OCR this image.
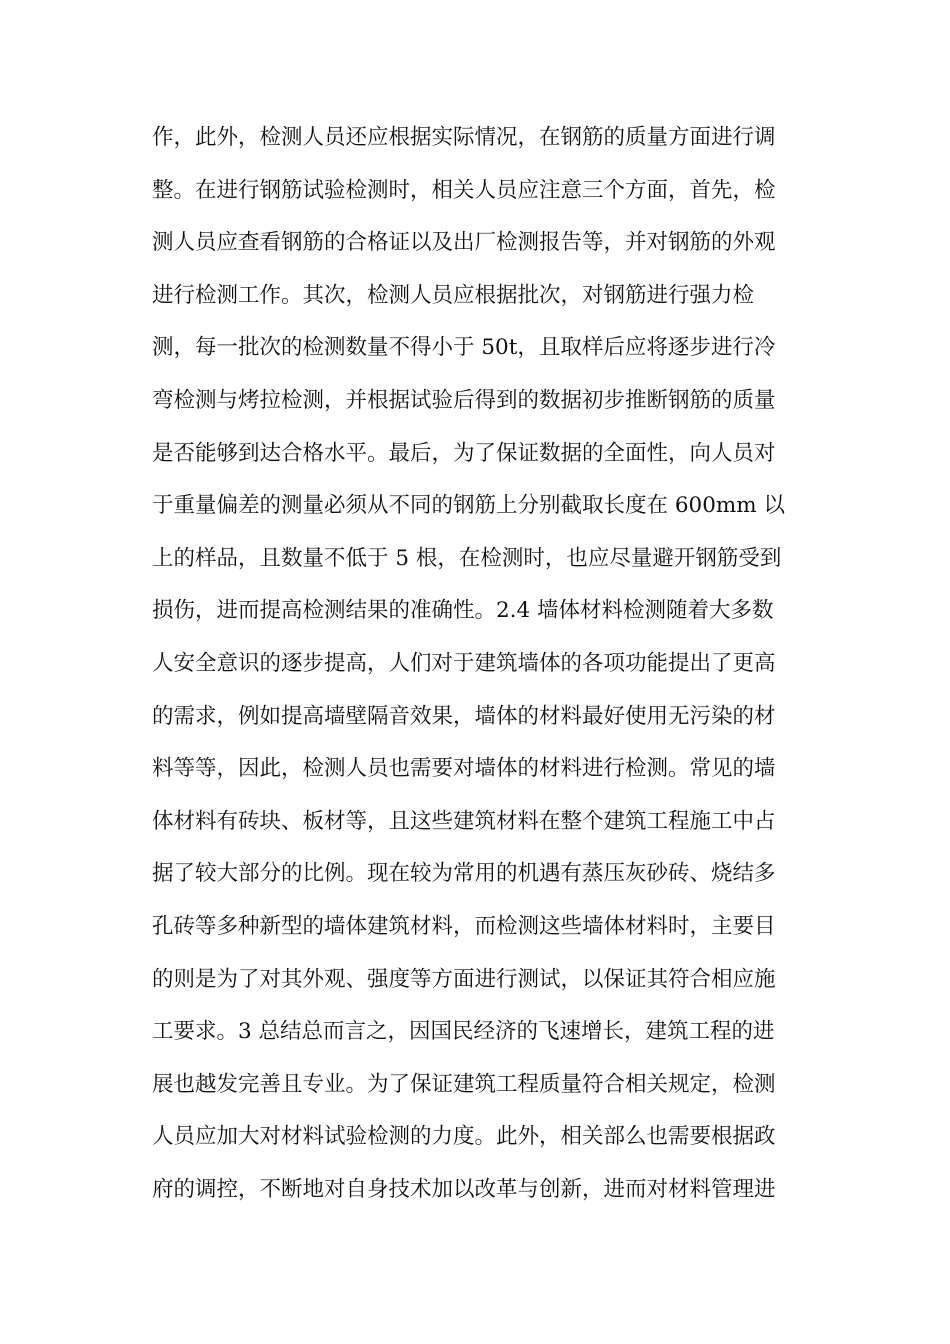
作，此外，检测人员还应根据实际情况，在钢筋的质量方面进行调
整。在进行钢筋试验检测时，相关人员应注意三个方面，首先，检
测人员应查看钢筋的合格证以及出厂检测报告等，并对钢筋的外观
进行检测工作。其次，检测人员应根据批次，对钢筋进行强力检
测，每一批次的检测数量不得小于 50t，且取样后应将逐步进行冷
弯检测与烤拉检测，并根据试验后得到的数据初步推断钢筋的质量
是否能够到达合格水平。最后，为了保证数据的全面性，向人员对
于重量偏差的测量必须从不同的钢筋上分别截取长度在 600mm 以
上的样品，且数量不低于 5 根，在检测时，也应尽量避开钢筋受到
损伤，进而提高检测结果的准确性。2.4 墙体材料检测随着大多数
人安全意识的逐步提高，人们对于建筑墙体的各项功能提出了更高
的需求，例如提高墙壁隔音效果，墙体的材料最好使用无污染的材
料等等，因此，检测人员也需要对墙体的材料进行检测。常见的墙
体材料有砖块、板材等，且这些建筑材料在整个建筑工程施工中占
据了较大部分的比例。现在较为常用的机遇有蒸压灰砂砖、烧结多
孔砖等多种新型的墙体建筑材料，而检测这些墙体材料时，主要目
的则是为了对其外观、强度等方面进行测试，以保证其符合相应施
工要求。3 总结总而言之，因国民经济的飞速增长，建筑工程的进
展也越发完善且专业。为了保证建筑工程质量符合相关规定，检测
人员应加大对材料试验检测的力度。此外，相关部么也需要根据政
府的调控，不断地对自身技术加以改革与创新，进而对材料管理进
